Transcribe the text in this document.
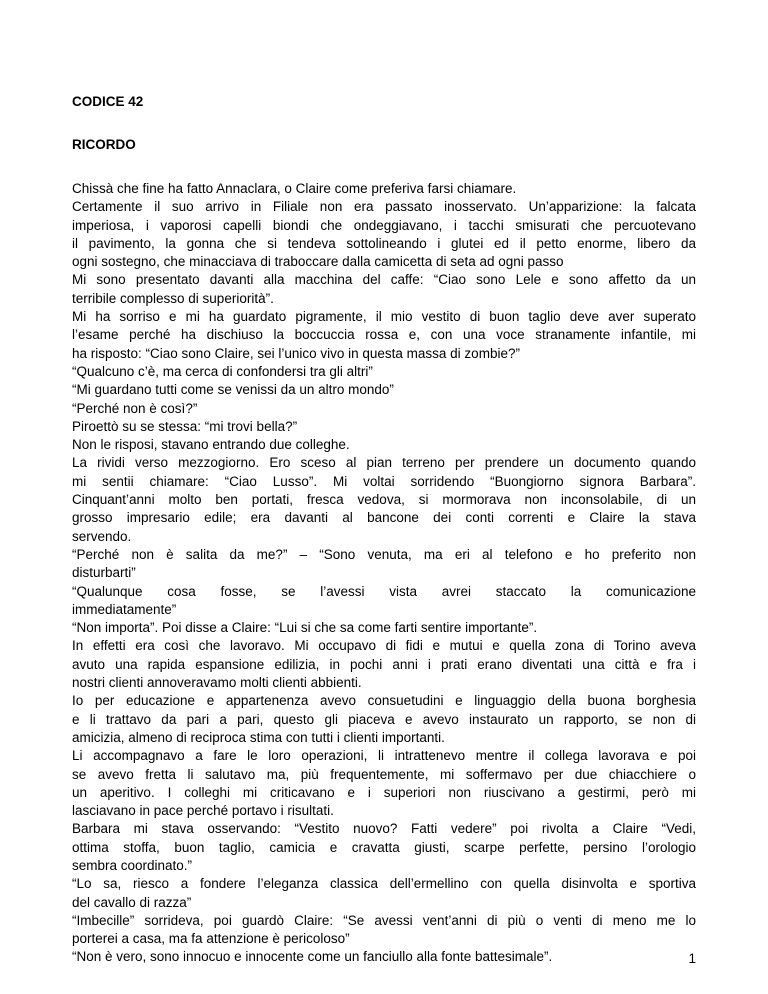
CODICE 42
RICORDO
Chissà che fine ha fatto Annaclara, o Claire come preferiva farsi chiamare.
Certamente il suo arrivo in Filiale non era passato inosservato. Un’apparizione: la falcata
imperiosa, i vaporosi capelli biondi che ondeggiavano, i tacchi smisurati che percuotevano
il pavimento, la gonna che si tendeva sottolineando i glutei ed il petto enorme, libero da
ogni sostegno, che minacciava di traboccare dalla camicetta di seta ad ogni passo
Mi sono presentato davanti alla macchina del caffe: “Ciao sono Lele e sono affetto da un
terribile complesso di superiorità”.
Mi ha sorriso e mi ha guardato pigramente, il mio vestito di buon taglio deve aver superato
l’esame perché ha dischiuso la boccuccia rossa e, con una voce stranamente infantile, mi
ha risposto: “Ciao sono Claire, sei l’unico vivo in questa massa di zombie?”
“Qualcuno c’è, ma cerca di confondersi tra gli altri”
“Mi guardano tutti come se venissi da un altro mondo”
“Perché non è così?”
Piroettò su se stessa: “mi trovi bella?”
Non le risposi, stavano entrando due colleghe.
La rividi verso mezzogiorno. Ero sceso al pian terreno per prendere un documento quando
mi sentii chiamare: “Ciao Lusso”. Mi voltai sorridendo “Buongiorno signora Barbara”.
Cinquant’anni molto ben portati, fresca vedova, si mormorava non inconsolabile, di un
grosso impresario edile; era davanti al bancone dei conti correnti e Claire la stava
servendo.
“Perché non è salita da me?” – “Sono venuta, ma eri al telefono e ho preferito non
disturbarti”
“Qualunque cosa fosse, se l’avessi vista avrei staccato la comunicazione
immediatamente”
“Non importa”. Poi disse a Claire: “Lui si che sa come farti sentire importante”.
In effetti era così che lavoravo. Mi occupavo di fidi e mutui e quella zona di Torino aveva
avuto una rapida espansione edilizia, in pochi anni i prati erano diventati una città e fra i
nostri clienti annoveravamo molti clienti abbienti.
Io per educazione e appartenenza avevo consuetudini e linguaggio della buona borghesia
e li trattavo da pari a pari, questo gli piaceva e avevo instaurato un rapporto, se non di
amicizia, almeno di reciproca stima con tutti i clienti importanti.
Li accompagnavo a fare le loro operazioni, li intrattenevo mentre il collega lavorava e poi
se avevo fretta li salutavo ma, più frequentemente, mi soffermavo per due chiacchiere o
un aperitivo. I colleghi mi criticavano e i superiori non riuscivano a gestirmi, però mi
lasciavano in pace perché portavo i risultati.
Barbara mi stava osservando: “Vestito nuovo? Fatti vedere” poi rivolta a Claire “Vedi,
ottima stoffa, buon taglio, camicia e cravatta giusti, scarpe perfette, persino l’orologio
sembra coordinato.”
“Lo sa, riesco a fondere l’eleganza classica dell’ermellino con quella disinvolta e sportiva
del cavallo di razza”
“Imbecille” sorrideva, poi guardò Claire: “Se avessi vent’anni di più o venti di meno me lo
porterei a casa, ma fa attenzione è pericoloso”
“Non è vero, sono innocuo e innocente come un fanciullo alla fonte battesimale”.	1
